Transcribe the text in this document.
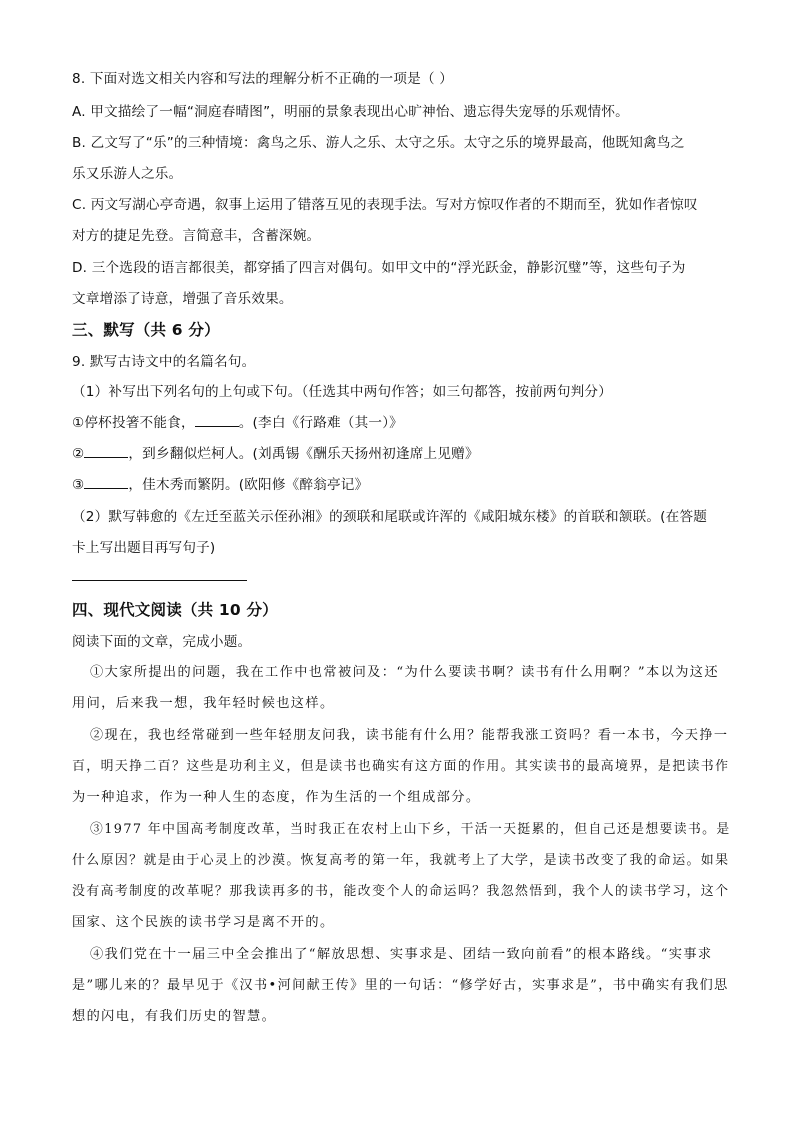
8. 下面对选文相关内容和写法的理解分析不正确的一项是（ ）
A. 甲文描绘了一幅“洞庭春晴图”，明丽的景象表现出心旷神怡、遗忘得失宠辱的乐观情怀。
B. 乙文写了“乐”的三种情境：禽鸟之乐、游人之乐、太守之乐。太守之乐的境界最高，他既知禽鸟之
乐又乐游人之乐。
C. 丙文写湖心亭奇遇，叙事上运用了错落互见的表现手法。写对方惊叹作者的不期而至，犹如作者惊叹
对方的捷足先登。言简意丰，含蓄深婉。
D. 三个选段的语言都很美，都穿插了四言对偶句。如甲文中的“浮光跃金，静影沉璧”等，这些句子为
文章增添了诗意，增强了音乐效果。
三、默写（共 6 分）
9. 默写古诗文中的名篇名句。
（1）补写出下列名句的上句或下句。（任选其中两句作答；如三句都答，按前两句判分）
①停杯投箸不能食，	。(李白《行路难（其一）》
②	，到乡翻似烂柯人。(刘禹锡《酬乐天扬州初逢席上见赠》
③	，佳木秀而繁阴。(欧阳修《醉翁亭记》
（2）默写韩愈的《左迁至蓝关示侄孙湘》的颈联和尾联或许浑的《咸阳城东楼》的首联和颔联。(在答题
卡上写出题目再写句子)
四、现代文阅读（共 10 分）
阅读下面的文章，完成小题。
①大家所提出的问题，我在工作中也常被问及：“为什么要读书啊？读书有什么用啊？”本以为这还
用问，后来我一想，我年轻时候也这样。
②现在，我也经常碰到一些年轻朋友问我，读书能有什么用？能帮我涨工资吗？看一本书，今天挣一
百，明天挣二百？这些是功利主义，但是读书也确实有这方面的作用。其实读书的最高境界，是把读书作
为一种追求，作为一种人生的态度，作为生活的一个组成部分。
③1977 年中国高考制度改革，当时我正在农村上山下乡，干活一天挺累的，但自己还是想要读书。是
什么原因？就是由于心灵上的沙漠。恢复高考的第一年，我就考上了大学，是读书改变了我的命运。如果
没有高考制度的改革呢？那我读再多的书，能改变个人的命运吗？我忽然悟到，我个人的读书学习，这个
国家、这个民族的读书学习是离不开的。
④我们党在十一届三中全会推出了“解放思想、实事求是、团结一致向前看”的根本路线。“实事求
是”哪儿来的？最早见于《汉书•河间献王传》里的一句话：“修学好古，实事求是”，书中确实有我们思
想的闪电，有我们历史的智慧。
